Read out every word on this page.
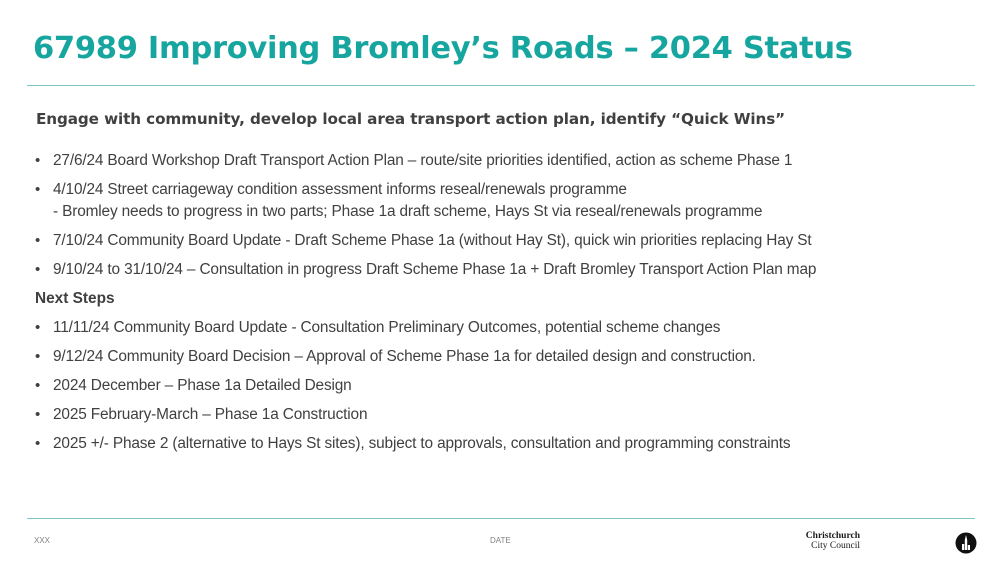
67989 Improving Bromley’s Roads – 2024 Status
Engage with community, develop local area transport action plan, identify “Quick Wins”
• 27/6/24 Board Workshop Draft Transport Action Plan – route/site priorities identified, action as scheme Phase 1
• 4/10/24 Street carriageway condition assessment informs reseal/renewals programme
- Bromley needs to progress in two parts; Phase 1a draft scheme, Hays St via reseal/renewals programme
• 7/10/24 Community Board Update - Draft Scheme Phase 1a (without Hay St), quick win priorities replacing Hay St
• 9/10/24 to 31/10/24 – Consultation in progress Draft Scheme Phase 1a + Draft Bromley Transport Action Plan map
Next Steps
• 11/11/24 Community Board Update - Consultation Preliminary Outcomes, potential scheme changes
• 9/12/24 Community Board Decision – Approval of Scheme Phase 1a for detailed design and construction.
• 2024 December – Phase 1a Detailed Design
• 2025 February-March – Phase 1a Construction
• 2025 +/- Phase 2 (alternative to Hays St sites), subject to approvals, consultation and programming constraints
XXX	DATE	Christchurch
City Council
